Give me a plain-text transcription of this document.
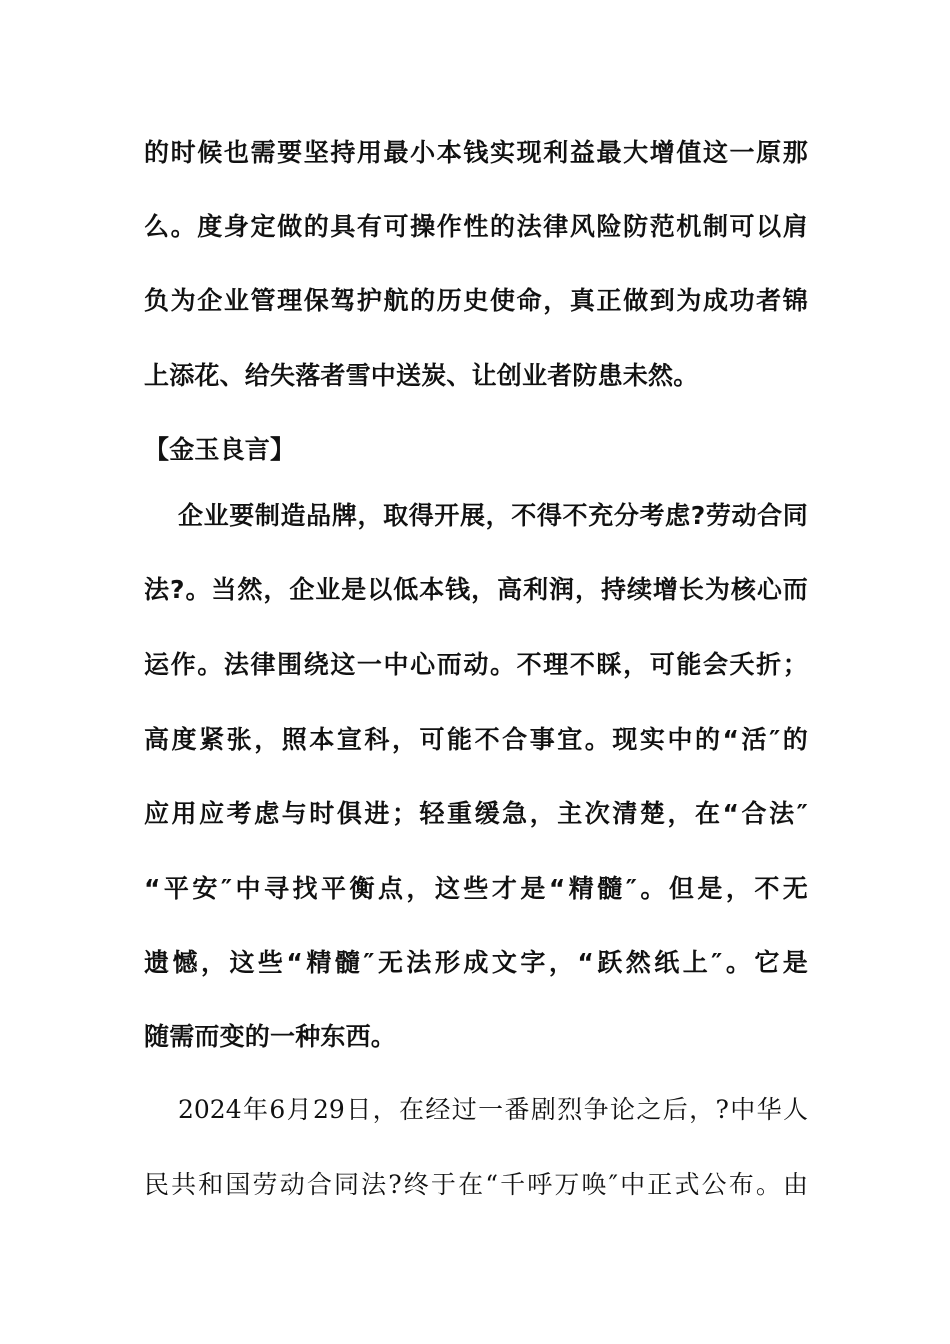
的时候也需要坚持用最小本钱实现利益最大增值这一原那
么。度身定做的具有可操作性的法律风险防范机制可以肩
负为企业管理保驾护航的历史使命，真正做到为成功者锦
上添花、给失落者雪中送炭、让创业者防患未然。
【金玉良言】
企业要制造品牌，取得开展，不得不充分考虑?劳动合同
法?。当然，企业是以低本钱，高利润，持续增长为核心而
运作。法律围绕这一中心而动。不理不睬，可能会夭折；
高度紧张，照本宣科，可能不合事宜。现实中的“活″的
应用应考虑与时俱进；轻重缓急，主次清楚，在“合法″
“平安″中寻找平衡点，这些才是“精髓″。但是，不无
遗憾，这些“精髓″无法形成文字，“跃然纸上″。它是
随需而变的一种东西。
2024年6月29日，在经过一番剧烈争论之后，?中华人
民共和国劳动合同法?终于在“千呼万唤″中正式公布。由
